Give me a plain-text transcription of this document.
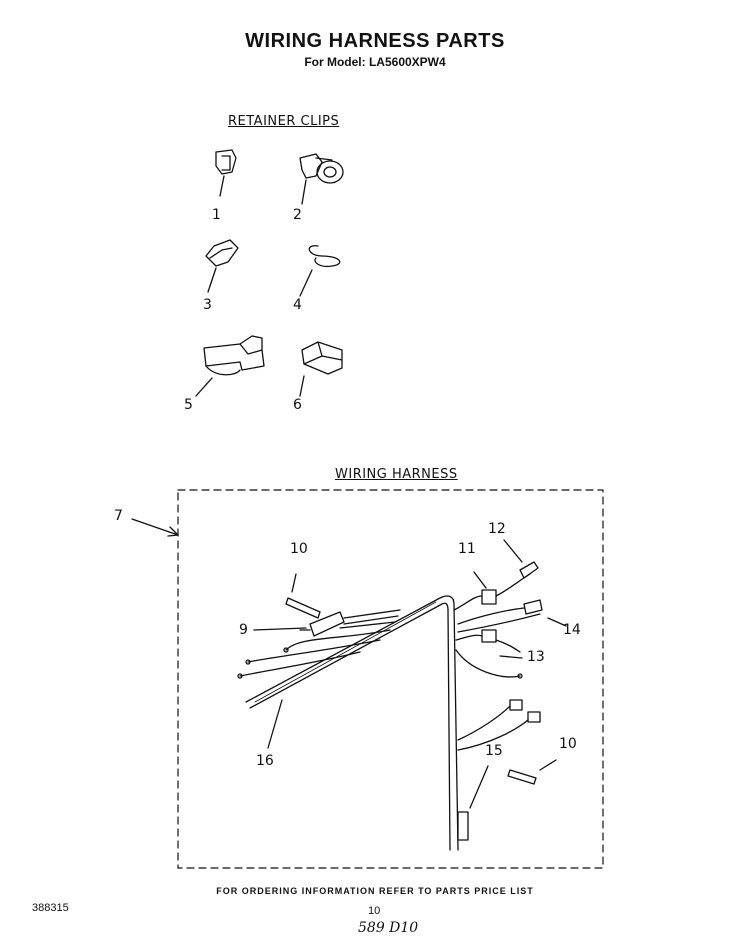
WIRING HARNESS PARTS
For Model: LA5600XPW4
RETAINER CLIPS
WIRING HARNESS
1	2
3	4
5	6
7
9
10
10
11
12
13
14
15
16
FOR ORDERING INFORMATION REFER TO PARTS PRICE LIST
388315	10
589 D10
